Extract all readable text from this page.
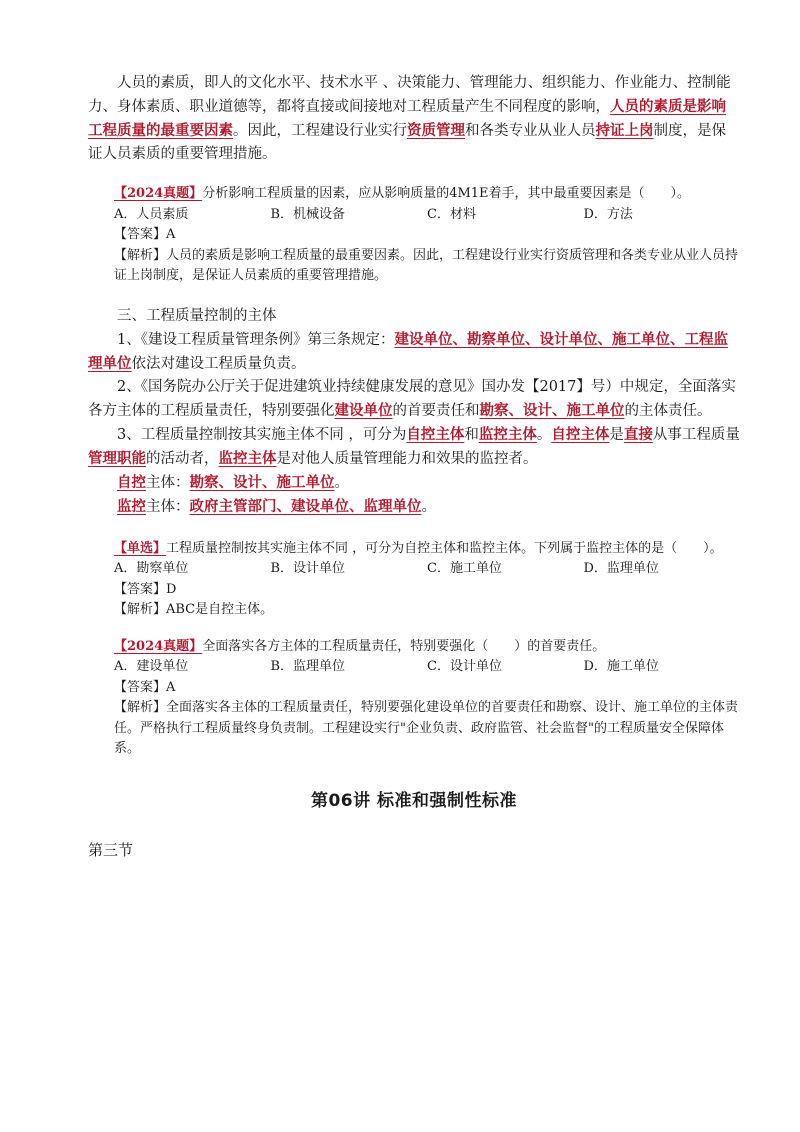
人员的素质，即人的文化水平、技术水平 、决策能力、管理能力、组织能力、作业能力、控制能力、身体素质、职业道德等，都将直接或间接地对工程质量产生不同程度的影响，人员的素质是影响工程质量的最重要因素。因此，工程建设行业实行资质管理和各类专业从业人员持证上岗制度，是保证人员素质的重要管理措施。

【2024真题】分析影响工程质量的因素，应从影响质量的4M1E着手，其中最重要因素是（　　）。

A．人员素质	B．机械设备	C．材料	D．方法

【答案】A

【解析】人员的素质是影响工程质量的最重要因素。因此，工程建设行业实行资质管理和各类专业从业人员持证上岗制度，是保证人员素质的重要管理措施。

三、工程质量控制的主体

1、《建设工程质量管理条例》第三条规定：建设单位、勘察单位、设计单位、施工单位、工程监理单位依法对建设工程质量负责。

2、《国务院办公厅关于促进建筑业持续健康发展的意见》国办发【2017】号）中规定，全面落实各方主体的工程质量责任，特别要强化建设单位的首要责任和勘察、设计、施工单位的主体责任。

3、工程质量控制按其实施主体不同 ，可分为自控主体和监控主体。自控主体是直接从事工程质量管理职能的活动者，监控主体是对他人质量管理能力和效果的监控者。

自控主体：勘察、设计、施工单位。

监控主体：政府主管部门、建设单位、监理单位。

【单选】工程质量控制按其实施主体不同 ，可分为自控主体和监控主体。下列属于监控主体的是（　　）。

A．勘察单位	B．设计单位	C．施工单位	D．监理单位

【答案】D

【解析】ABC是自控主体。

【2024真题】全面落实各方主体的工程质量责任，特别要强化（　　）的首要责任。

A．建设单位	B．监理单位	C．设计单位	D．施工单位

【答案】A

【解析】全面落实各主体的工程质量责任，特别要强化建设单位的首要责任和勘察、设计、施工单位的主体责任。严格执行工程质量终身负责制。工程建设实行"企业负责、政府监管、社会监督"的工程质量安全保障体系。

第06讲 标准和强制性标准

第三节
